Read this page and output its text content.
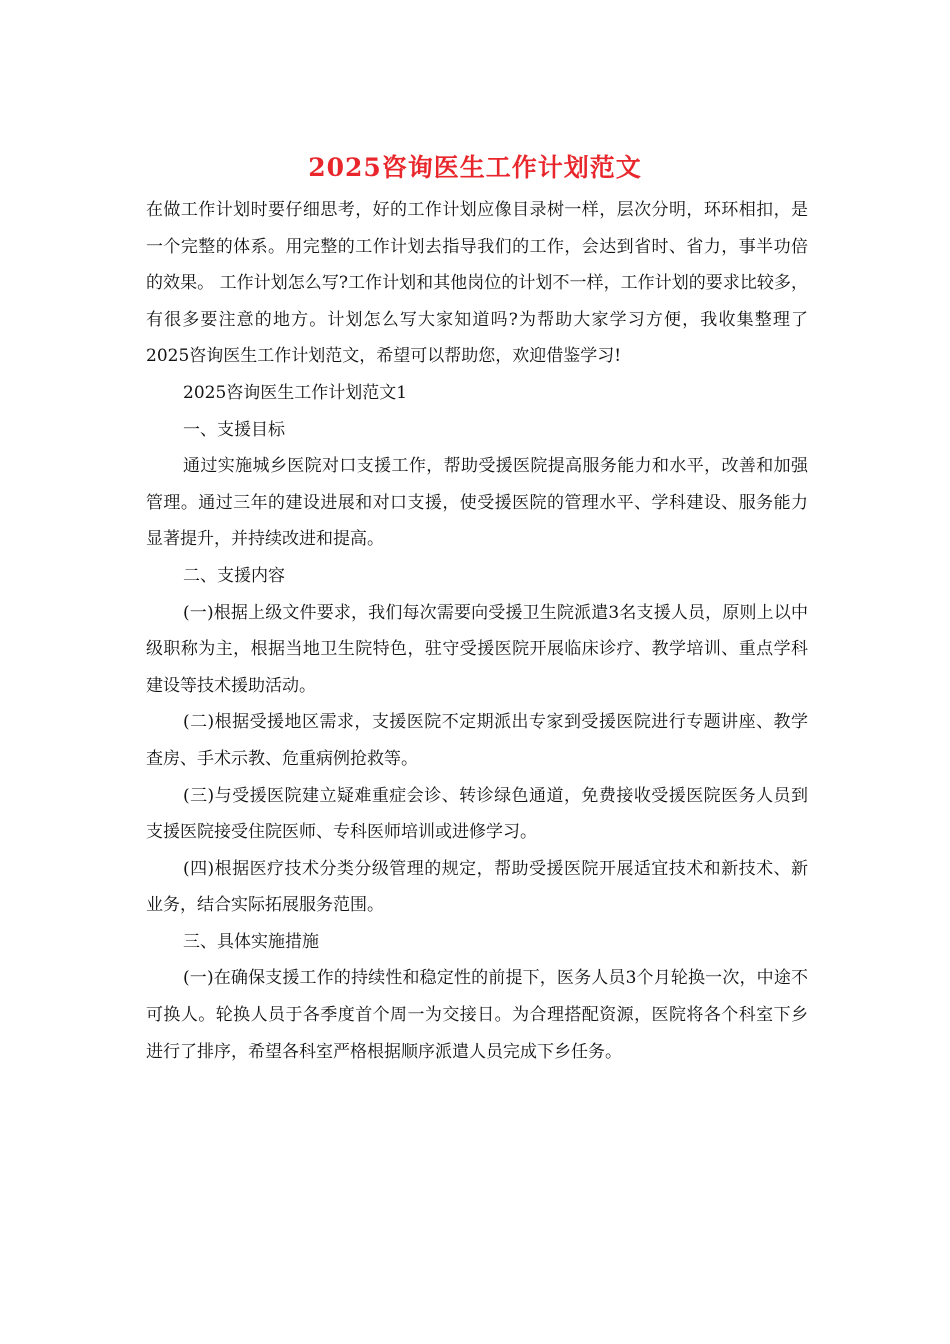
2025咨询医生工作计划范文

在做工作计划时要仔细思考，好的工作计划应像目录树一样，层次分明，环环相扣，是一个完整的体系。用完整的工作计划去指导我们的工作，会达到省时、省力，事半功倍的效果。 工作计划怎么写?工作计划和其他岗位的计划不一样，工作计划的要求比较多，有很多要注意的地方。计划怎么写大家知道吗?为帮助大家学习方便，我收集整理了2025咨询医生工作计划范文，希望可以帮助您，欢迎借鉴学习!

2025咨询医生工作计划范文1

一、支援目标

通过实施城乡医院对口支援工作，帮助受援医院提高服务能力和水平，改善和加强管理。通过三年的建设进展和对口支援，使受援医院的管理水平、学科建设、服务能力显著提升，并持续改进和提高。

二、支援内容

(一)根据上级文件要求，我们每次需要向受援卫生院派遣3名支援人员，原则上以中级职称为主，根据当地卫生院特色，驻守受援医院开展临床诊疗、教学培训、重点学科建设等技术援助活动。

(二)根据受援地区需求，支援医院不定期派出专家到受援医院进行专题讲座、教学查房、手术示教、危重病例抢救等。

(三)与受援医院建立疑难重症会诊、转诊绿色通道，免费接收受援医院医务人员到支援医院接受住院医师、专科医师培训或进修学习。

(四)根据医疗技术分类分级管理的规定，帮助受援医院开展适宜技术和新技术、新业务，结合实际拓展服务范围。

三、具体实施措施

(一)在确保支援工作的持续性和稳定性的前提下，医务人员3个月轮换一次，中途不可换人。轮换人员于各季度首个周一为交接日。为合理搭配资源，医院将各个科室下乡进行了排序，希望各科室严格根据顺序派遣人员完成下乡任务。
